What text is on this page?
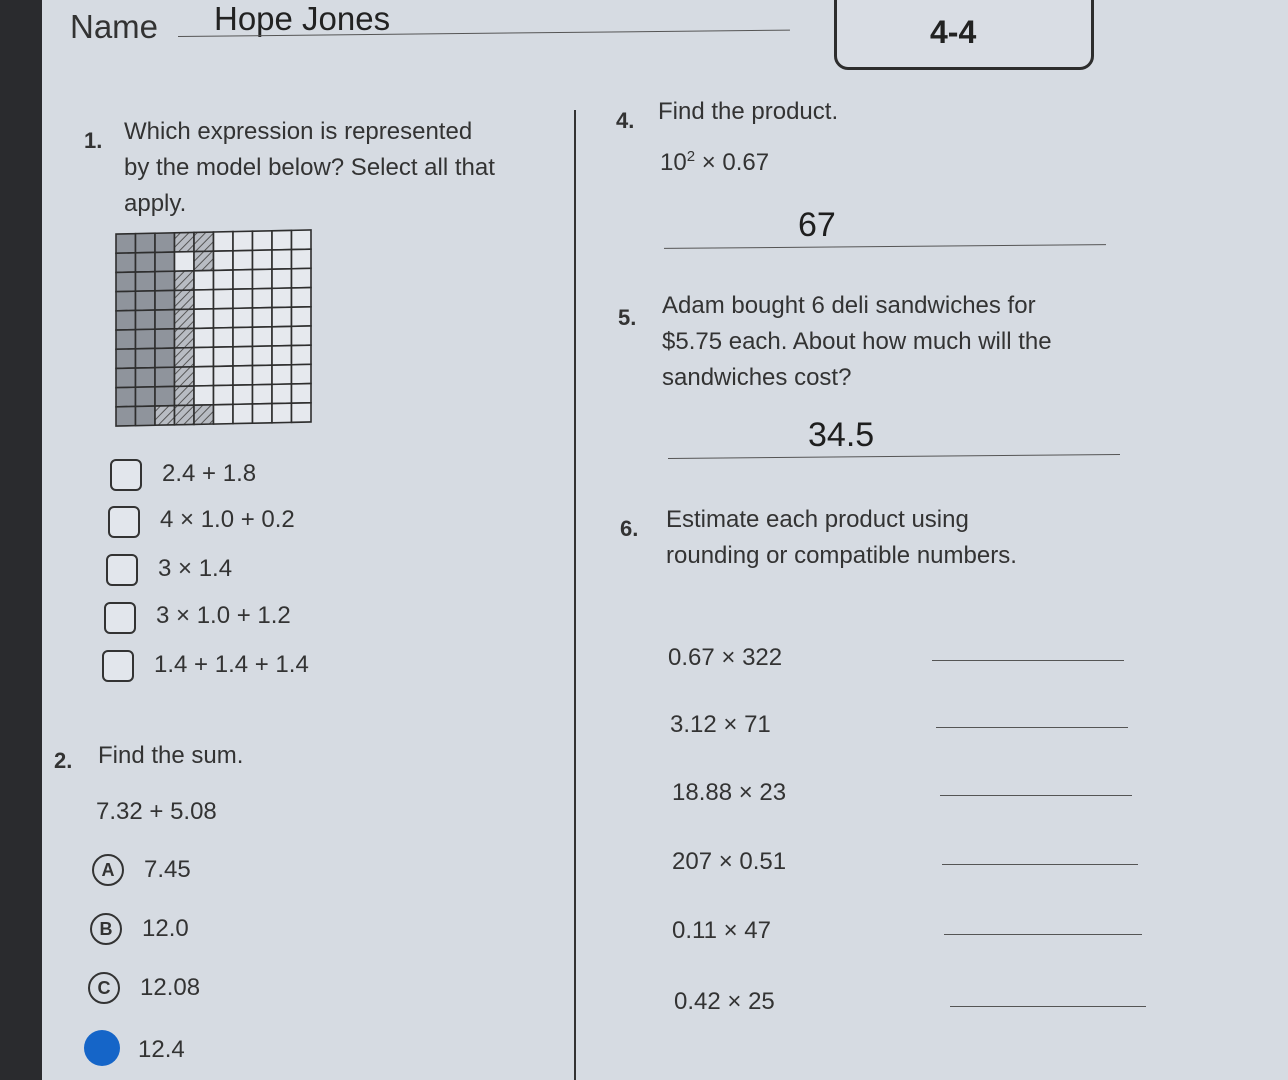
Name Hope Jones	4-4
1. Which expression is represented
by the model below? Select all that
apply.
2.4 + 1.8
4 × 1.0 + 0.2
3 × 1.4
3 × 1.0 + 1.2
1.4 + 1.4 + 1.4
2. Find the sum.
7.32 + 5.08
A	7.45
B	12.0
C	12.08
12.4
4. Find the product.
$10^2 \times 0.67$
67
5. Adam bought 6 deli sandwiches for
$5.75 each. About how much will the
sandwiches cost?
34.5
6. Estimate each product using
rounding or compatible numbers.
0.67 × 322
3.12 × 71
18.88 × 23
207 × 0.51
0.11 × 47
0.42 × 25
